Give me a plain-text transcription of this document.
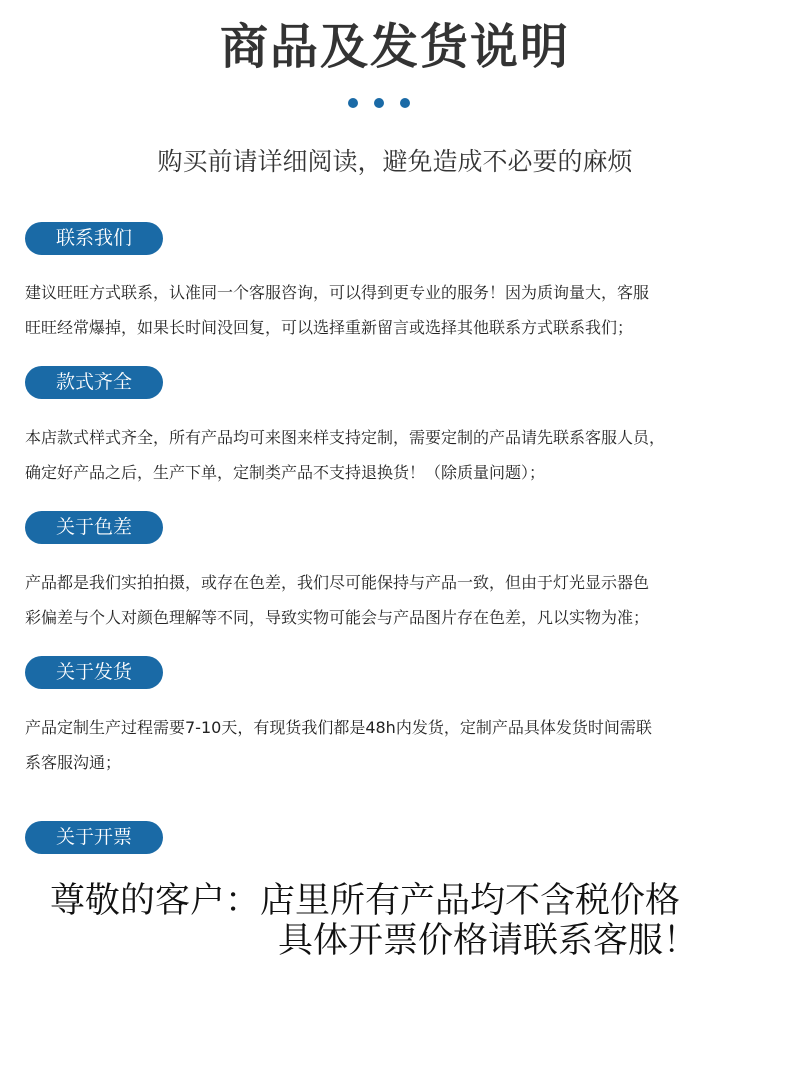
商品及发货说明
购买前请详细阅读，避免造成不必要的麻烦
联系我们
建议旺旺方式联系，认准同一个客服咨询，可以得到更专业的服务！因为质询量大，客服
旺旺经常爆掉，如果长时间没回复，可以选择重新留言或选择其他联系方式联系我们；
款式齐全
本店款式样式齐全，所有产品均可来图来样支持定制，需要定制的产品请先联系客服人员，
确定好产品之后，生产下单，定制类产品不支持退换货！（除质量问题）；
关于色差
产品都是我们实拍拍摄，或存在色差，我们尽可能保持与产品一致，但由于灯光显示器色
彩偏差与个人对颜色理解等不同，导致实物可能会与产品图片存在色差，凡以实物为准；
关于发货
产品定制生产过程需要7-10天，有现货我们都是48h内发货，定制产品具体发货时间需联
系客服沟通；
关于开票
尊敬的客户：店里所有产品均不含税价格
具体开票价格请联系客服！
